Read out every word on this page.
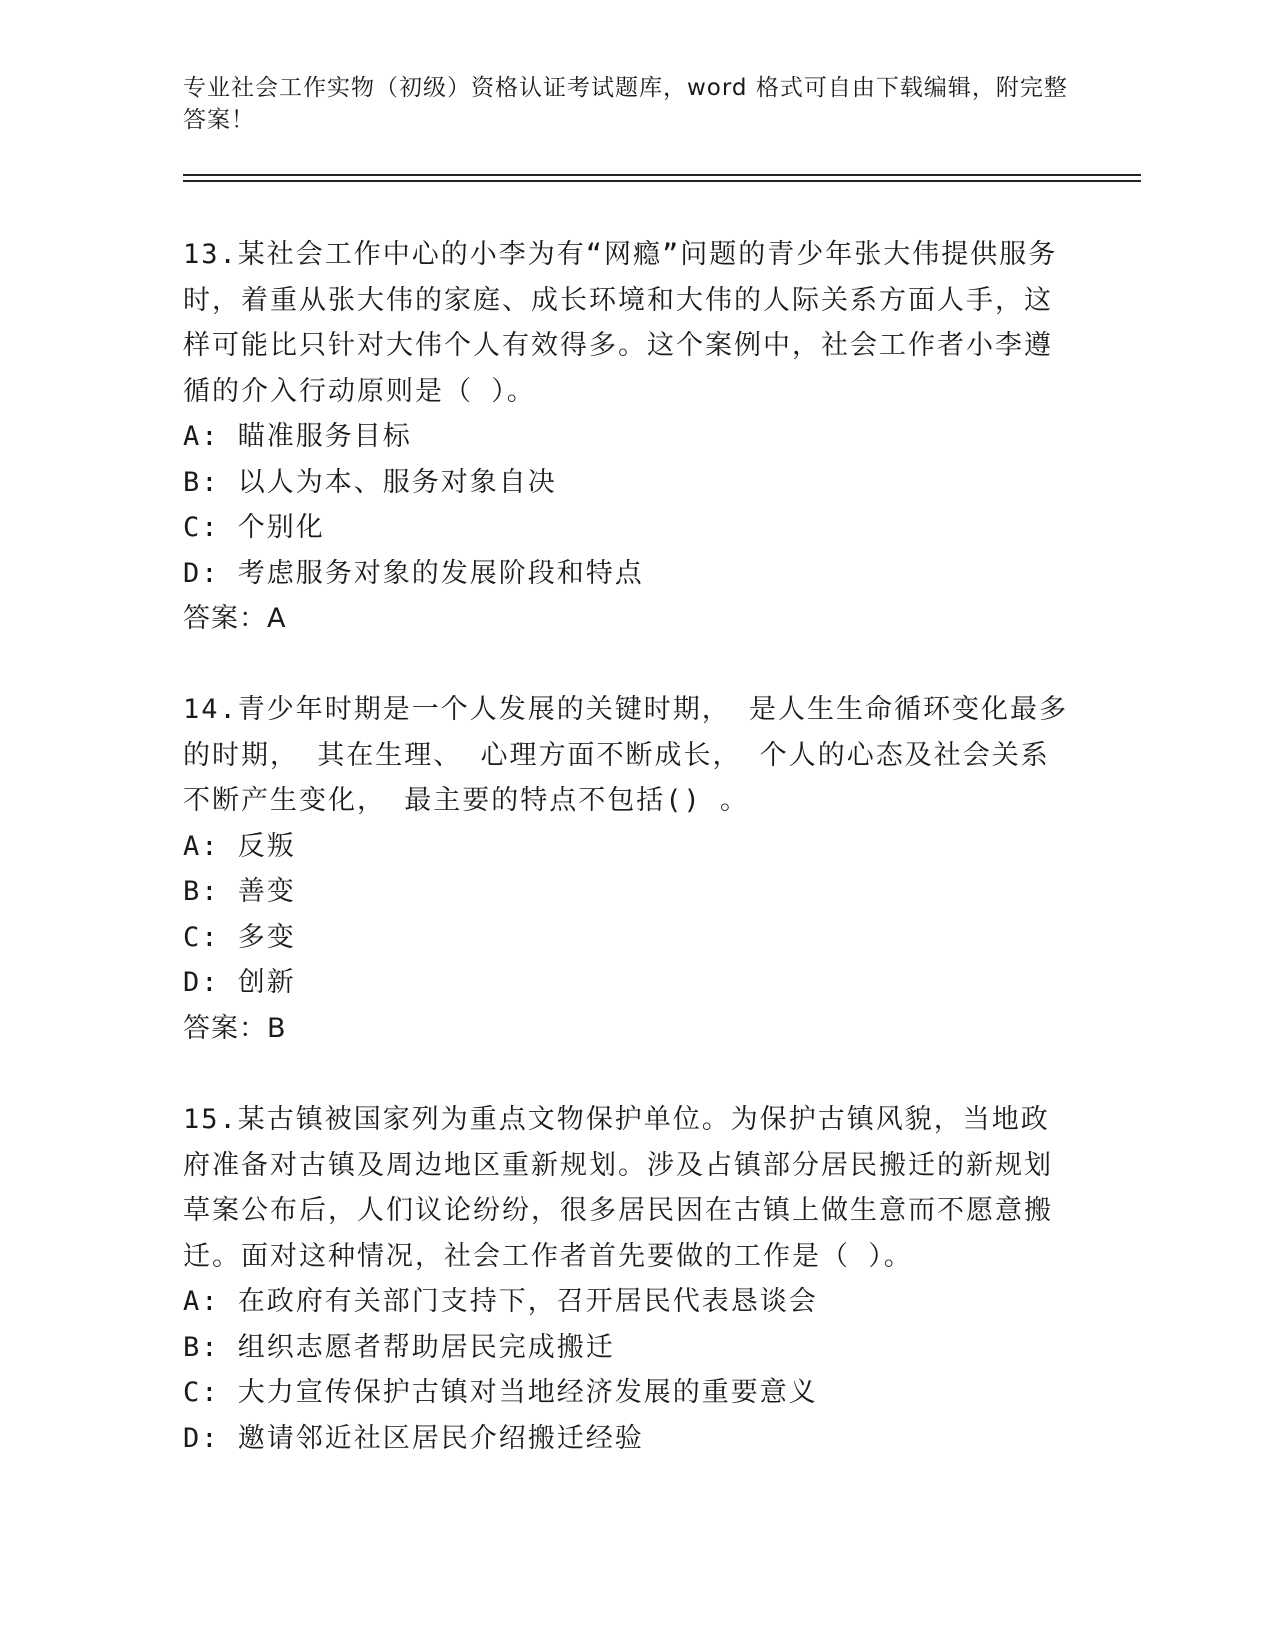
专业社会工作实物（初级）资格认证考试题库，word 格式可自由下载编辑，附完整答案！

13.某社会工作中心的小李为有“网瘾”问题的青少年张大伟提供服务时，着重从张大伟的家庭、成长环境和大伟的人际关系方面人手，这样可能比只针对大伟个人有效得多。这个案例中，社会工作者小李遵循的介入行动原则是（ ）。

A: 瞄准服务目标

B: 以人为本、服务对象自决

C: 个别化

D: 考虑服务对象的发展阶段和特点

答案：A

14.青少年时期是一个人发展的关键时期， 是人生生命循环变化最多的时期， 其在生理、 心理方面不断成长， 个人的心态及社会关系不断产生变化， 最主要的特点不包括() 。

A: 反叛

B: 善变

C: 多变

D: 创新

答案：B

15.某古镇被国家列为重点文物保护单位。为保护古镇风貌，当地政府准备对古镇及周边地区重新规划。涉及占镇部分居民搬迁的新规划草案公布后，人们议论纷纷，很多居民因在古镇上做生意而不愿意搬迁。面对这种情况，社会工作者首先要做的工作是（ ）。

A: 在政府有关部门支持下，召开居民代表恳谈会

B: 组织志愿者帮助居民完成搬迁

C: 大力宣传保护古镇对当地经济发展的重要意义

D: 邀请邻近社区居民介绍搬迁经验
